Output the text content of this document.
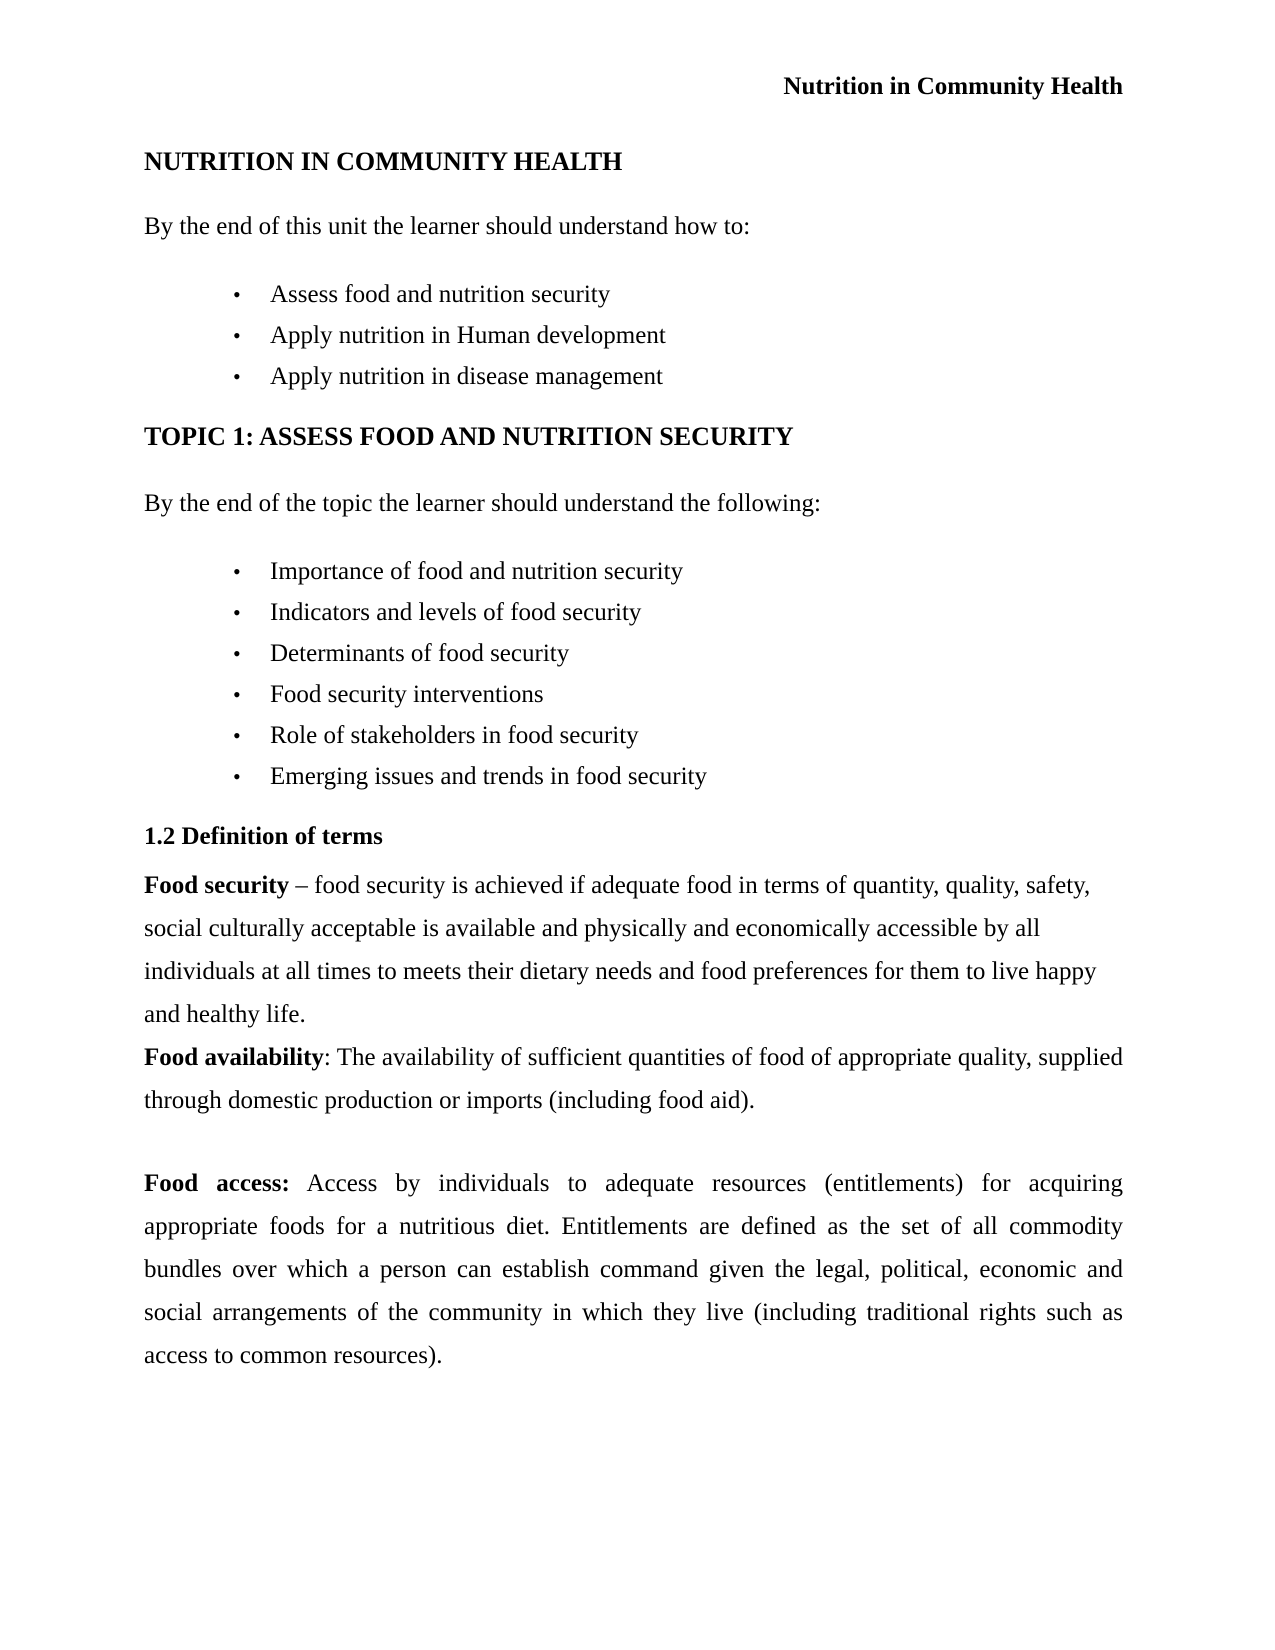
Nutrition in Community Health

NUTRITION IN COMMUNITY HEALTH

By the end of this unit the learner should understand how to:

• Assess food and nutrition security
• Apply nutrition in Human development
• Apply nutrition in disease management
TOPIC 1: ASSESS FOOD AND NUTRITION SECURITY

By the end of the topic the learner should understand the following:

• Importance of food and nutrition security
• Indicators and levels of food security
• Determinants of food security
• Food security interventions
• Role of stakeholders in food security
• Emerging issues and trends in food security
1.2 Definition of terms

Food security – food security is achieved if adequate food in terms of quantity, quality, safety, social culturally acceptable is available and physically and economically accessible by all individuals at all times to meets their dietary needs and food preferences for them to live happy and healthy life.

Food availability: The availability of sufficient quantities of food of appropriate quality, supplied through domestic production or imports (including food aid).

Food access: Access by individuals to adequate resources (entitlements) for acquiring appropriate foods for a nutritious diet. Entitlements are defined as the set of all commodity bundles over which a person can establish command given the legal, political, economic and social arrangements of the community in which they live (including traditional rights such as access to common resources).
